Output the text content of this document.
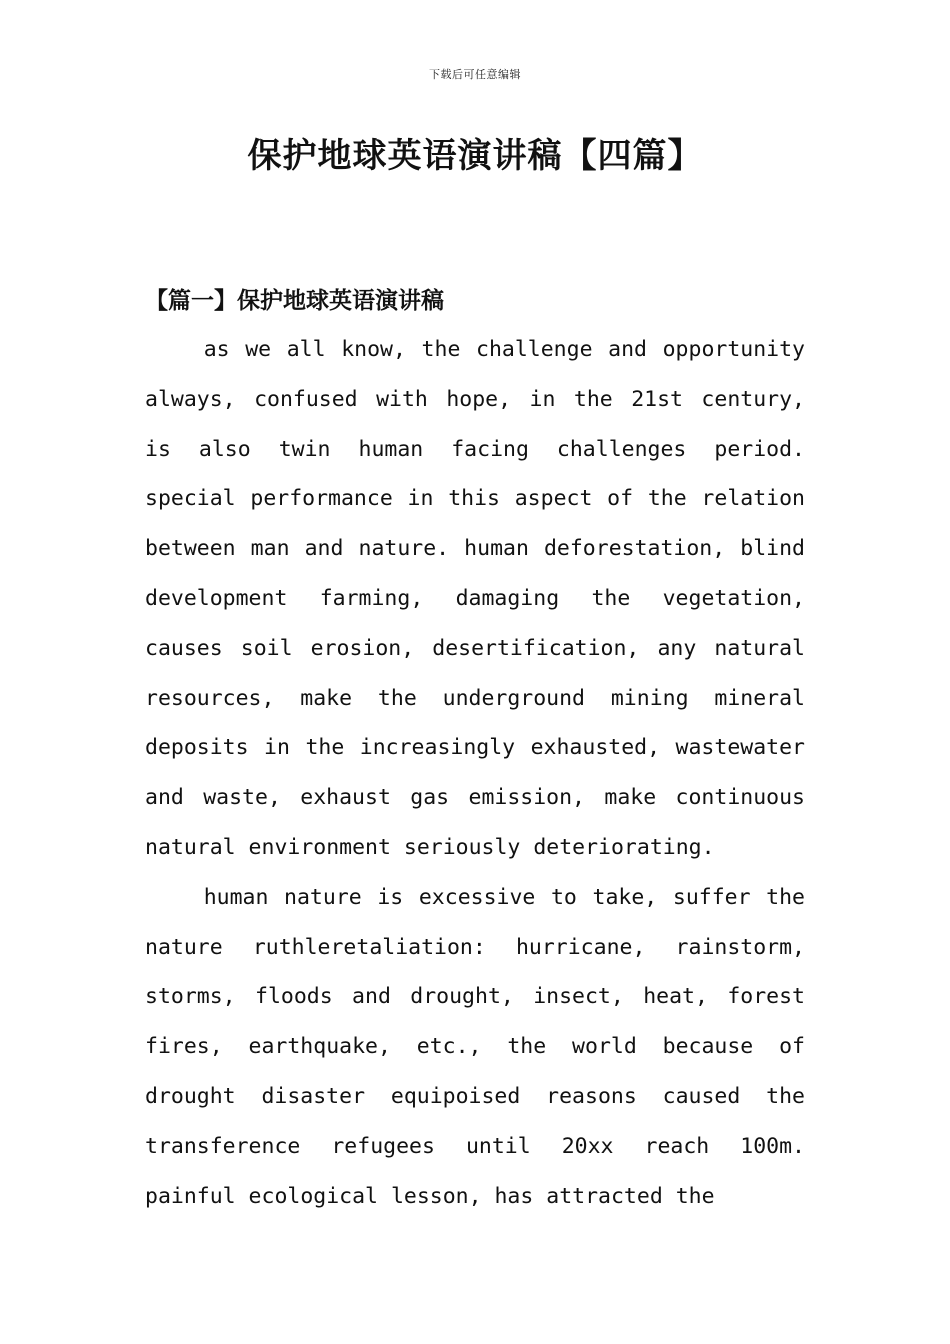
下载后可任意编辑
保护地球英语演讲稿【四篇】
【篇一】保护地球英语演讲稿

as we all know, the challenge and opportunity always, confused with hope, in the 21st century, is also twin human facing challenges period. special performance in this aspect of the relation between man and nature. human deforestation, blind development farming, damaging the vegetation, causes soil erosion, desertification, any natural resources, make the underground mining mineral deposits in the increasingly exhausted, wastewater and waste, exhaust gas emission, make continuous natural environment seriously deteriorating.

human nature is excessive to take, suffer the nature ruthleretaliation: hurricane, rainstorm, storms, floods and drought, insect, heat, forest fires, earthquake, etc., the world because of drought disaster equipoised reasons caused the transference refugees until 20xx reach 100m. painful ecological lesson, has attracted the
